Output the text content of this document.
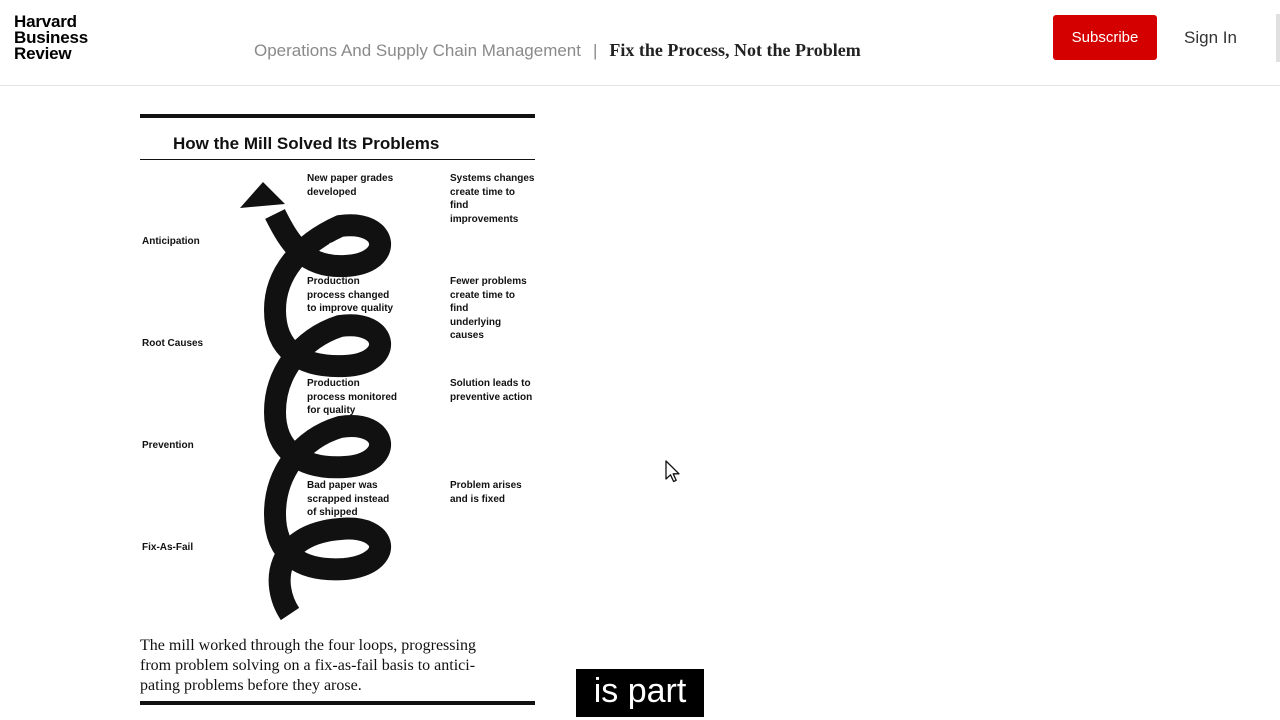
Harvard
Business
Review	Operations And Supply Chain Management | Fix the Process, Not the Problem
Subscribe	Sign In
How the Mill Solved Its Problems
Anticipation
Root Causes
Prevention
Fix-As-Fail
New paper grades
developed
Production
process changed
to improve quality
Production
process monitored
for quality
Bad paper was
scrapped instead
of shipped
Systems changes
create time to
find improvements
Fewer problems
create time to find
underlying causes
Solution leads to
preventive action
Problem arises
and is fixed
The mill worked through the four loops, progressing
from problem solving on a fix-as-fail basis to antici-
pating problems before they arose.	is part
